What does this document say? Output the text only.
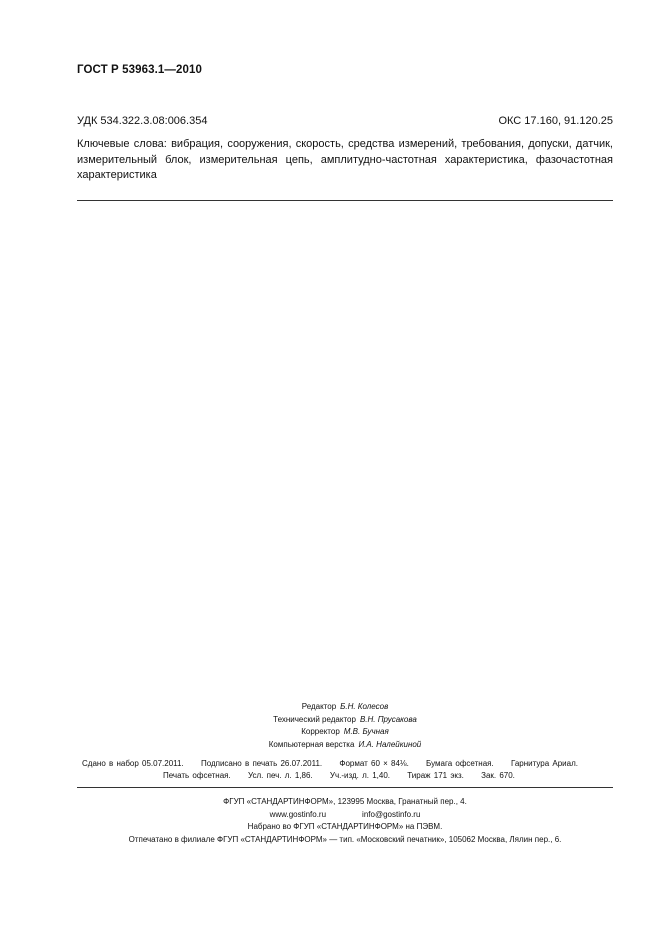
ГОСТ Р 53963.1—2010
УДК 534.322.3.08:006.354	ОКС 17.160, 91.120.25
Ключевые слова: вибрация, сооружения, скорость, средства измерений, требования, допуски, датчик, измерительный блок, измерительная цепь, амплитудно-частотная характеристика, фазочастотная характеристика
Редактор Б.Н. Колесов
Технический редактор В.Н. Прусакова
Корректор М.В. Бучная
Компьютерная верстка И.А. Налейкиной
Сдано в набор 05.07.2011. Подписано в печать 26.07.2011. Формат 60 × 84⅛. Бумага офсетная. Гарнитура Ариал.
Печать офсетная. Усл. печ. л. 1,86. Уч.-изд. л. 1,40. Тираж 171 экз. Зак. 670.
ФГУП «СТАНДАРТИНФОРМ», 123995 Москва, Гранатный пер., 4.
www.gostinfo.ru	info@gostinfo.ru
Набрано во ФГУП «СТАНДАРТИНФОРМ» на ПЭВМ.
Отпечатано в филиале ФГУП «СТАНДАРТИНФОРМ» — тип. «Московский печатник», 105062 Москва, Лялин пер., 6.
